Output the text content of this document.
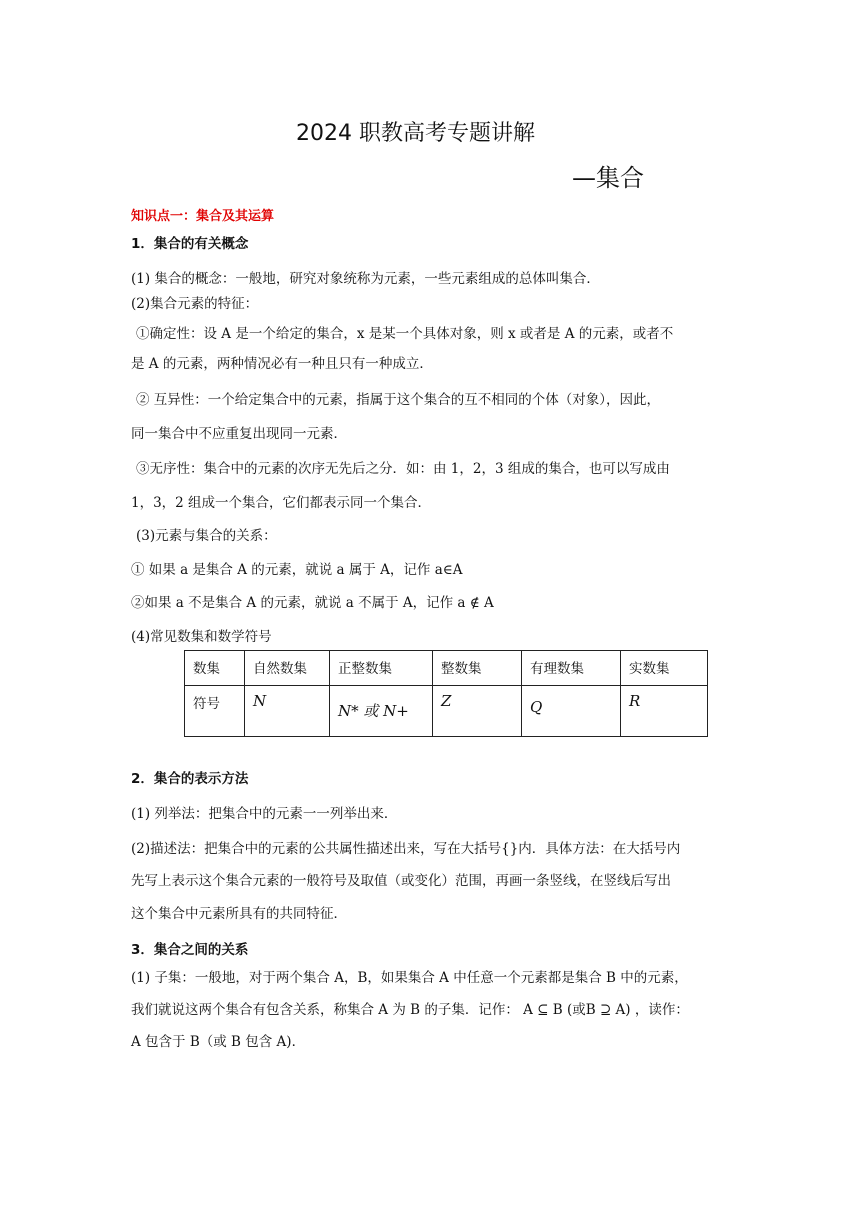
2024 职教高考专题讲解
—集合
知识点一：集合及其运算
1．集合的有关概念
(1) 集合的概念：一般地，研究对象统称为元素，一些元素组成的总体叫集合．
(2)集合元素的特征：
①确定性：设 A 是一个给定的集合，x 是某一个具体对象，则 x 或者是 A 的元素，或者不
是 A 的元素，两种情况必有一种且只有一种成立．
② 互异性：一个给定集合中的元素，指属于这个集合的互不相同的个体（对象），因此，
同一集合中不应重复出现同一元素．
③无序性：集合中的元素的次序无先后之分．如：由 1，2，3 组成的集合，也可以写成由
1，3，2 组成一个集合，它们都表示同一个集合．
(3)元素与集合的关系：
① 如果 a 是集合 A 的元素，就说 a 属于 A，记作 a∈A
②如果 a 不是集合 A 的元素，就说 a 不属于 A，记作 a ∉ A
(4)常见数集和数学符号
数集	自然数集	正整数集	整数集	有理数集	实数集
符号	N	N* 或 N+	Z	Q	R
2．集合的表示方法
(1) 列举法：把集合中的元素一一列举出来．
(2)描述法：把集合中的元素的公共属性描述出来，写在大括号{}内．具体方法：在大括号内
先写上表示这个集合元素的一般符号及取值（或变化）范围，再画一条竖线，在竖线后写出
这个集合中元素所具有的共同特征．
3．集合之间的关系
(1) 子集：一般地，对于两个集合 A，B，如果集合 A 中任意一个元素都是集合 B 中的元素，
我们就说这两个集合有包含关系，称集合 A 为 B 的子集．记作： A ⊆ B (或B ⊇ A) ，读作：
A 包含于 B（或 B 包含 A)．
